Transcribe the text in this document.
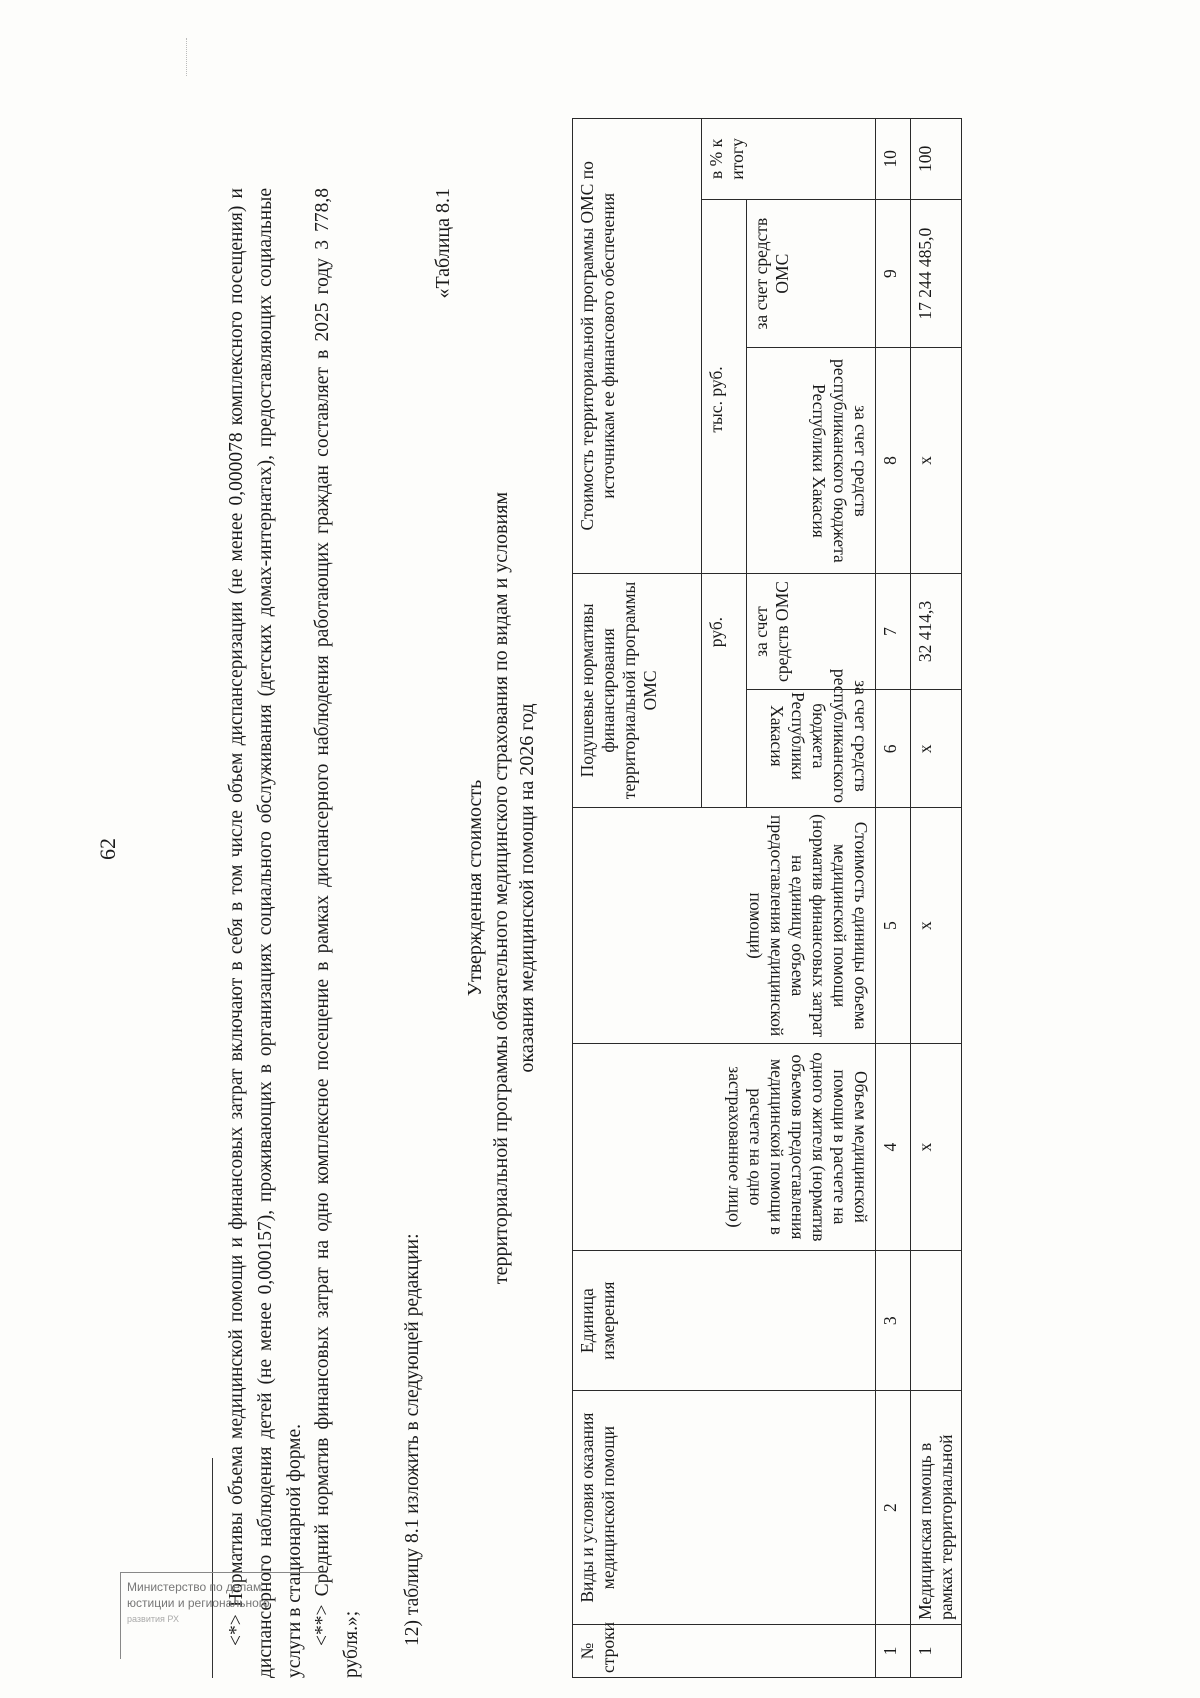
62	<*> Нормативы объема медицинской помощи и финансовых затрат включают в себя в том числе объем диспансеризации (не менее 0,000078 комплексного посещения) и диспансерного наблюдения детей (не менее 0,000157), проживающих в организациях социального обслуживания (детских домах-интернатах), предоставляющих социальные услуги в стационарной форме. <**> Средний норматив финансовых затрат на одно комплексное посещение в рамках диспансерного наблюдения работающих граждан составляет в 2025 году 3 778,8 рубля.»; 12) таблицу 8.1 изложить в следующей редакции:
«Таблица 8.1
Утвержденная стоимость территориальной программы обязательного медицинского страхования по видам и условиям оказания медицинской помощи на 2026 год
№ строки	Виды и условия оказания медицинской помощи	Единица измерения	Объем медицинской помощи в расчете на одного жителя (норматив объемов предоставления медицинской помощи в расчете на одно застрахованное лицо)	Стоимость единицы объема медицинской помощи (норматив финансовых затрат на единицу объема предоставления медицинской помощи)	Подушевые нормативы финансирования территориальной программы ОМС		Стоимость территориальной программы ОМС по источникам ее финансового обеспечения		
					руб.		тыс. руб.		в % к итогу
					за счет средств республиканского бюджета Республики Хакасия	за счет средств ОМС	за счет средств республиканского бюджета Республики Хакасия	за счет средств ОМС	
1	2	3	4	5	6	7	8	9	10
1	Медицинская помощь в рамках территориальной		x	x	x	32 414,3	x	17 244 485,0	100
Министерство по делам
юстиции и регионального
развития РХ
